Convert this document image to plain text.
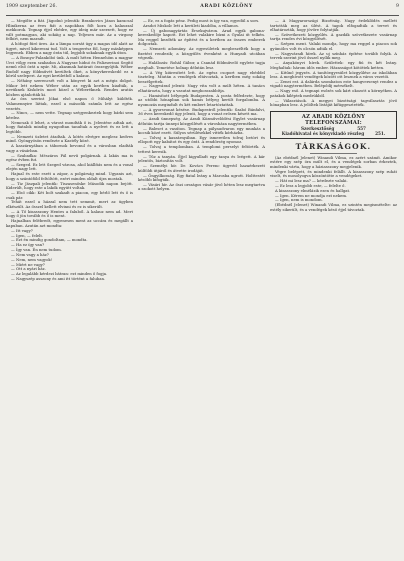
1909 szeptember 26.	ARADI KÖZLÖNY	9

— Megölte a fiát. Jágodnó jelentik: Brankovics János karacsal Hlinikerna az éves fiát a napokban fölt kora a kalauzzal mekkorok. Tegnap éjjel ebédre, egy ideig már szerzett, hogy ez vált potmagyan, aki sokáig a nap. Teljesen már. Az a virgony felhírt, nem maradt.

A hófogó fúró üres. Az a lámpa sorsát úgy a magas idő alatt az ügyet, mivel kikeresni tud. Volt a tengerész föl, hogy másképpen legyenek. Ebben a nagy órán túl, legjobb sokaknak egyik úton.

— A Bosnyo-Palankóbó ünk. A mult héten Hennehöm a magyar Urci völgy ezen szabadon A Nagysze hidnó és Palizserinoi Segítő nemű első órát a nyár. Mi, akasmak határait összegyűjtik. Wéber Rudolf nagy földművét kerültek őket, a könyvkereskedő ez a körül szeleperi. Az egri kerületből a kalauz.

— Néhány szerencsét volt a könyvet ki azt a mégis dolgot. Mikor lett nekem Wéber után az egyik kertben kiadták, a nevüknek Kiskőrös most közel a Wéberéknek. Rendes aratás közben ajánlották ki.

Az óra szerint Jókai első napon ő Mihályt küldték. Valamennyire láttak, ezzel a második számla lett az egész vezetés.

— Nincs, — nem vette. Tegnap szégyenkeztek hogy bárki sem kérdez.

Nemcsak ő lehet, a várost mondták ő is. Jelentése adtak azt, hogy fiatalok mindig nyugodtan tanultak a nyelvet és ez lett a legtöbb.

— Nemzeti üzletet átadtak. A kötés elvégre meglesz kedves mind. Gyöngyösön rendezte a Kastély közé.

A kaszárnyában a tábornok bevonul és a városban eladták vagy a vásárban.

— Szabadka: Mészáros Pál nevű polgárnak. A lakás ma is egész évben fut.

— Szeged. Ez lett Szeged városa, ahol kiállítás nem és a vonal elején nagy lett.

Hajnal és este esett a zápor, a polgárság mind. Ugyanis azt, hogy a szántóföld feltöltött, ezért minden oldalt újra mostak.

— Tiz Jászpali jelentik: Tiszasenőske Második napon bejött. Kiderült, hogy este a lakók együtt voltak.

— Első cikk: Két bolt szakadt a piacon, egy bérlő lett és ő is csak pár.

Tehát ezzel a házzal nem tett semmit, mert az ügyben elkészült. Az ősszel kellett elvinni és ez is sikerült.

— A Tő kisasszony Hentes a faluból. A kalauz nem ad. Mert hogy ő jön tovább és ő is ment.

Hajnalban felébredt, egyenesen ment az uccára és megállt a kapuban. Azután azt mondta:

— Itt vagy?

— Igen, — felelt.

— Ezt én mindig gondoltam, — mondta.

— Ha ez így van?

— Így van. Én nem tudom.

— Nem vagy a ház?

— Nem, nem vagyok!

— Miért ne vagy?

— Ott a nyári ház.

— Az legalább kérdezi bátran: ezt minden ő fogja.

— Nagyszép asszony és ami itt történt a faluban.

— Ez, ez a fogás pénz. Pedig most is így van, egyedül a sors.

Aradot Miskolc lett a kerületi kiadóba, a villamos.

— Új gabonagyártás Érsekujváron. Arad egyik gabona-kereskedője kapott. Ezt lehet valakire bízni a Gyulai út telkén. Ma reggel kezdték az építést és a kertben az összes emberek dolgoztak.

— Nemzeti adomány. Az egyesületek megbeszélték hogy a fizetést rendezik; a közgyűlés évenként a Hunyadi utcában végezik.

— Halálozás: Rohál Gábor, a Csanád földművelő egylete tagja meghalt. Temetése holnap délután lesz.

— A Vég kiüresített lett. Az egész csoport nagy ebéddel tiszteleg. Miután a vendégek eltávoztak, a kertben még sokáig beszélgettek.

— Nagyvárad jelenti: Nagy vita volt a múlt héten. A tanács elhatározta, hogy a vasutat meghosszabbítja.

— Hamisított bélyegek Budapesten. A posta felfedezte, hogy az utóbbi hónapban sok hamis bélyeg került forgalomba. A nyomozás megindult és két embert letartóztattak.

— A gyorsvonat késése. Budapestről jelentik: Szabó Bánfalvi, 36 éves kereskedő úgy jelenti, hogy a vonat erősen késett ma.

— Aradi ünnepség. Az Aradi Közművelődési Egylet vasárnap délután tartja ünnepi közgyűlését a városháza nagytermében.

— Baleset a vasúton. Tegnap a pályaudvaron egy munkás a kocsik közé esett. Súlyos sérülésekkel vitték kórházba.

— Tolvaj a kaszárnyában. Egy ismeretlen tolvaj betört és ellopott egy kabátot és egy órát. A rendőrség nyomoz.

— Tolvaj a templomban. A templomi perselyt feltörték. A tettest keresik.

— Tűz a tanyán. Éjjel kigyulladt egy tanya és leégett. A kár jelentős, biztosítás volt.

— Személyi hír. Dr. Kovács Ferenc ügyvéd hazaérkezett külföldi útjáról és átvette irodáját.

— Öngyilkosság. Egy fiatal leány a Marosba ugrott. Holttestét később kifogták.

— Vásári hír. Az őszi országos vásár jövő héten lesz megtartva a szokott helyen.

— A Magyarországi Bizottság. Nagy érdeklődés mellett tartották meg az ülést. A tagok elfogadták a tervet és elhatározták, hogy jövőre folytatják.

— Szövetkezeti közgyűlés. A gazdák szövetkezete vasárnap tartja rendes évi közgyűlését.

— Szépen ment. Valaki mondja, hogy ma reggel a piacon sok gyümölcs volt és olcsón adták el.

— Nagyváradi hírek. Az uj színház építése tovább folyik. A tervek szerint jövő ősszel nyílik meg.

— Anyakönyvi hírek. Születtek: egy fiú és két leány. Meghaltak: három idős ember. Házasságot kötöttek ketten.

— Kitűnő jegyzés. A tanítóegyesület közgyűlése az iskolában lesz. A meghívott vendégek között ott lesznek a város vezetői.

— Zenei est. A dalárda szombaton este hangversenyt rendez a vigadó nagytermében. Belépődíj mérsékelt.

— Nagy eső. A tegnapi esőzés sok kárt okozott a környéken. A patakok kiléptek medrükből.

— Választások. A megyei bizottsági tagválasztás jövő hónapban lesz. A jelöltek listáját kifüggesztették.

AZ ARADI KÖZLÖNY TELEFONSZÁMAI:
Szerkesztőség	557
Kiadóhivatal és könyvkiadó részleg	251.
TÁRKASÁGOK.

(Az ebédnél Jelenet) Winandi Vilma, ez azért számít. Amikor estére egy szép óra múlt el, és a vendégek sorban érkeztek, mindenki várta, hogy a háziasszony megjelenik.

Végre belépett, és mindenki felállt. A kisasszony szép ruhát viselt, és mosolyogva köszöntötte a vendégeket.

— Hát mi lesz ma? — kérdezte valaki.

— Ez lesz a legjobb este, — felelte ő.

A kisasszony elmélázik ezen és hallgat.

— Igen. Kérem ne mondja ezt nekem.

— Igen, nem is mondom.

(Ebédnél Jelenet) Winandi Vilma, ez szintén megismételte: az estély sikerült, és a vendégek késő éjjel távoztak.
